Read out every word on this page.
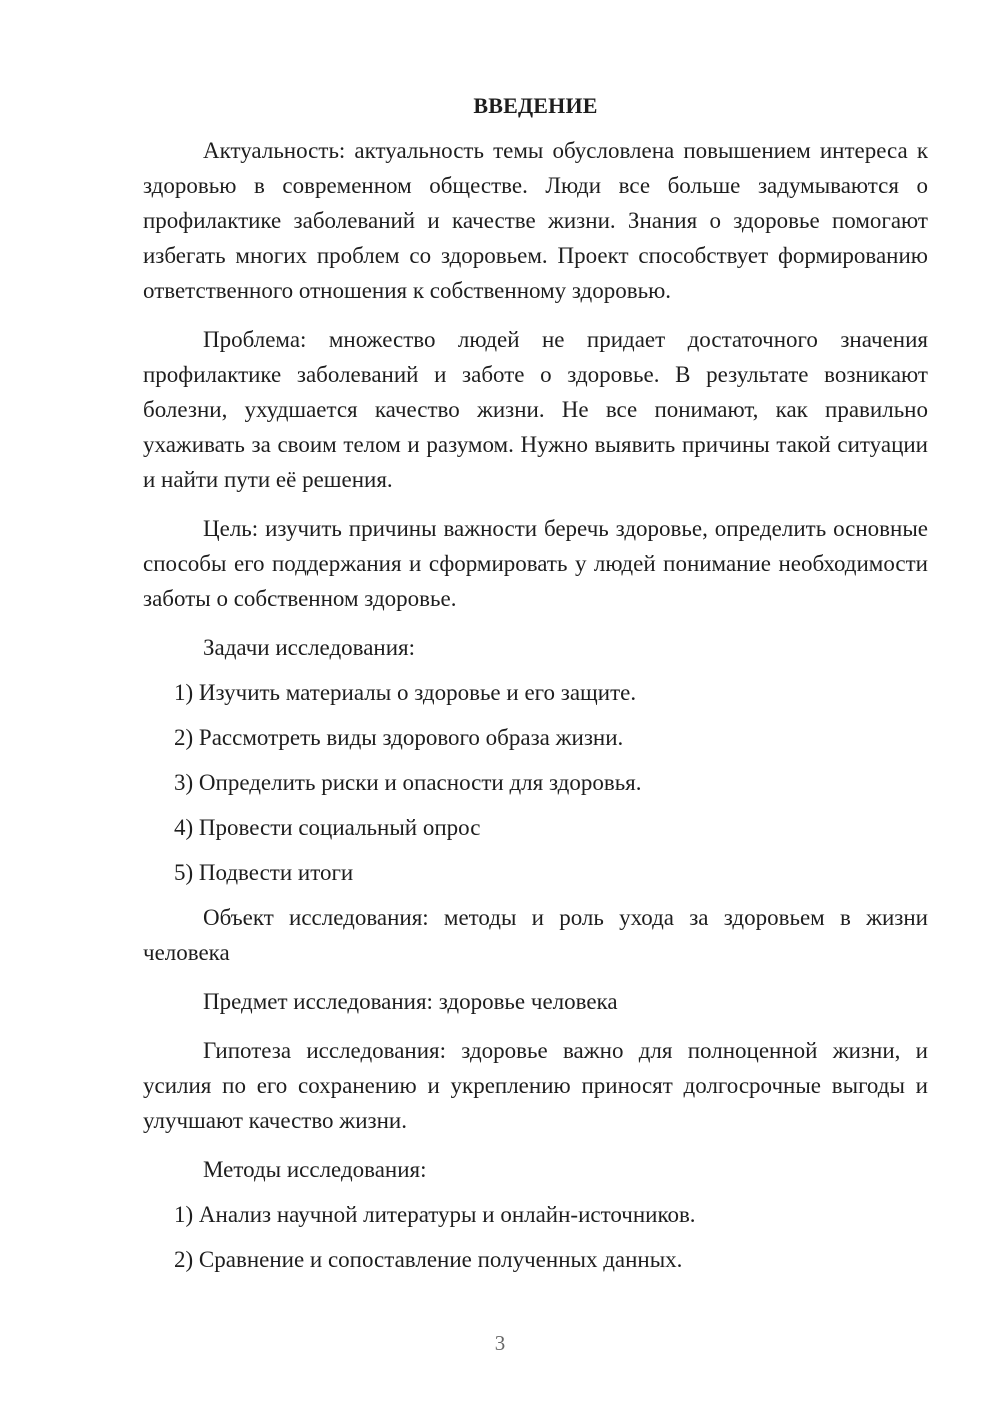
ВВЕДЕНИЕ

Актуальность: актуальность темы обусловлена повышением интереса к здоровью в современном обществе. Люди все больше задумываются о профилактике заболеваний и качестве жизни. Знания о здоровье помогают избегать многих проблем со здоровьем. Проект способствует формированию ответственного отношения к собственному здоровью.

Проблема: множество людей не придает достаточного значения профилактике заболеваний и заботе о здоровье. В результате возникают болезни, ухудшается качество жизни. Не все понимают, как правильно ухаживать за своим телом и разумом. Нужно выявить причины такой ситуации и найти пути её решения.

Цель: изучить причины важности беречь здоровье, определить основные способы его поддержания и сформировать у людей понимание необходимости заботы о собственном здоровье.

Задачи исследования:

1) Изучить материалы о здоровье и его защите.
2) Рассмотреть виды здорового образа жизни.
3) Определить риски и опасности для здоровья.
4) Провести социальный опрос
5) Подвести итоги

Объект исследования: методы и роль ухода за здоровьем в жизни человека

Предмет исследования: здоровье человека

Гипотеза исследования: здоровье важно для полноценной жизни, и усилия по его сохранению и укреплению приносят долгосрочные выгоды и улучшают качество жизни.

Методы исследования:

1) Анализ научной литературы и онлайн-источников.
2) Сравнение и сопоставление полученных данных.
3
